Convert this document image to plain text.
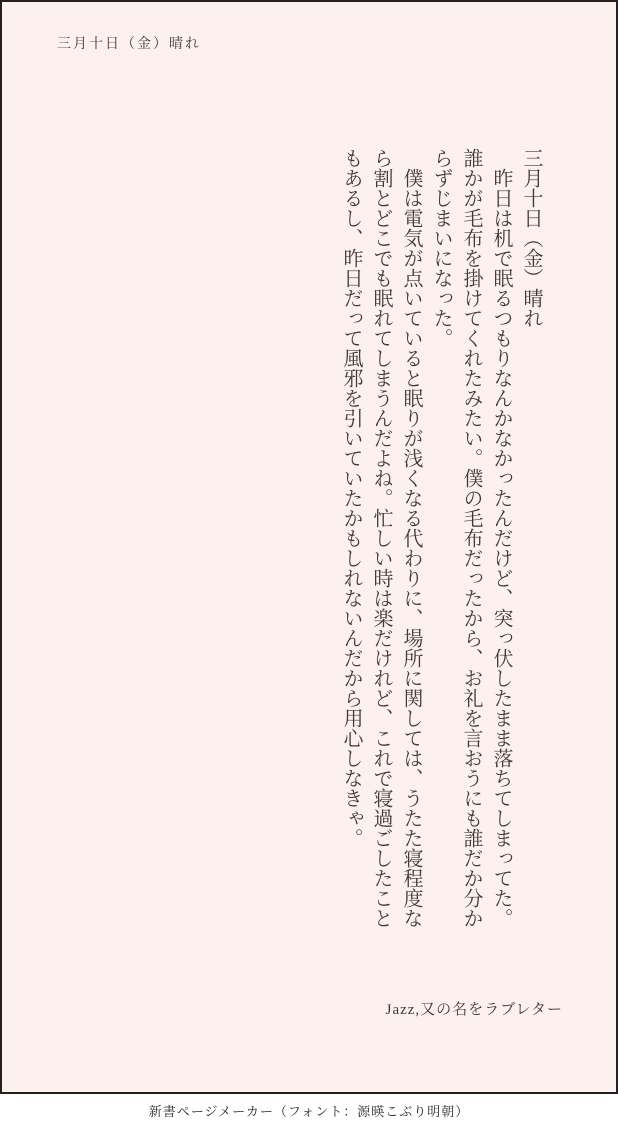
三月十日（金）晴れ

三月十日（金）晴れ

昨日は机で眠るつもりなんかなかったんだけど、突っ伏したまま落ちてしまってた。誰かが毛布を掛けてくれたみたい。僕の毛布だったから、お礼を言おうにも誰だか分からずじまいになった。

僕は電気が点いていると眠りが浅くなる代わりに、場所に関しては、うたた寝程度なら割とどこでも眠れてしまうんだよね。忙しい時は楽だけれど、これで寝過ごしたこともあるし、昨日だって風邪を引いていたかもしれないんだから用心しなきゃ。

Jazz,又の名をラブレター
新書ページメーカー（フォント：源暎こぶり明朝）
